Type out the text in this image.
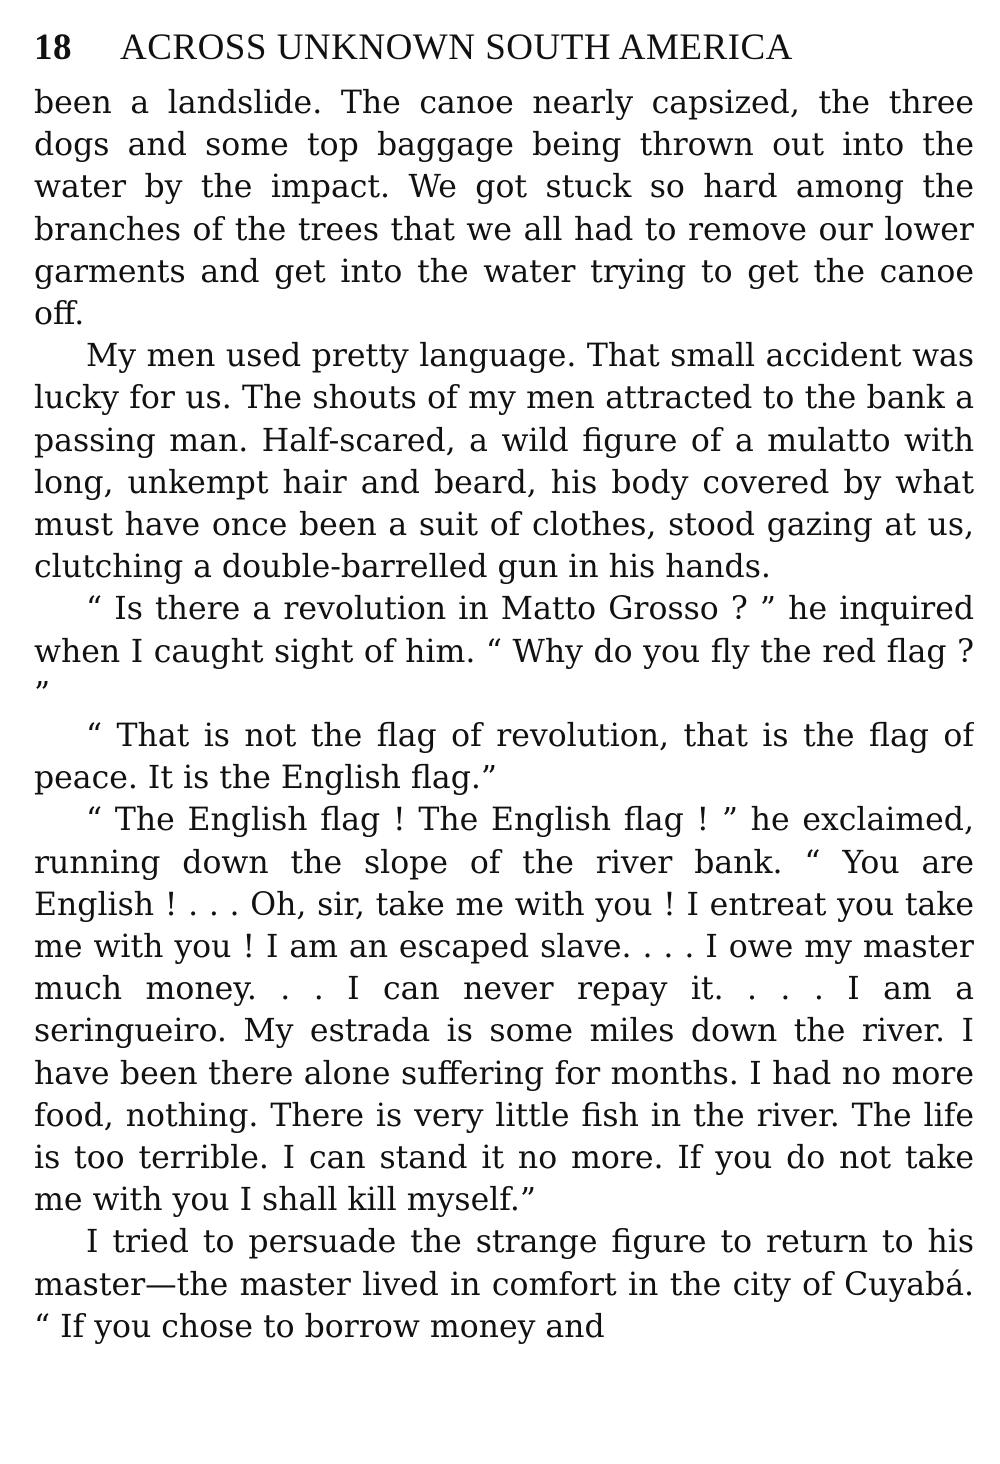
18	ACROSS UNKNOWN SOUTH AMERICA

been a landslide. The canoe nearly capsized, the three dogs and some top baggage being thrown out into the water by the impact. We got stuck so hard among the branches of the trees that we all had to remove our lower garments and get into the water trying to get the canoe off.

My men used pretty language. That small accident was lucky for us. The shouts of my men attracted to the bank a passing man. Half-scared, a wild figure of a mulatto with long, unkempt hair and beard, his body covered by what must have once been a suit of clothes, stood gazing at us, clutching a double-barrelled gun in his hands.

“ Is there a revolution in Matto Grosso ? ” he inquired when I caught sight of him. “ Why do you fly the red flag ? ”

“ That is not the flag of revolution, that is the flag of peace. It is the English flag.”

“ The English flag ! The English flag ! ” he exclaimed, running down the slope of the river bank. “ You are English ! . . . Oh, sir, take me with you ! I entreat you take me with you ! I am an escaped slave. . . . I owe my master much money. . . I can never repay it. . . . I am a seringueiro. My estrada is some miles down the river. I have been there alone suffering for months. I had no more food, nothing. There is very little fish in the river. The life is too terrible. I can stand it no more. If you do not take me with you I shall kill myself.”

I tried to persuade the strange figure to return to his master—the master lived in comfort in the city of Cuyabá. “ If you chose to borrow money and
